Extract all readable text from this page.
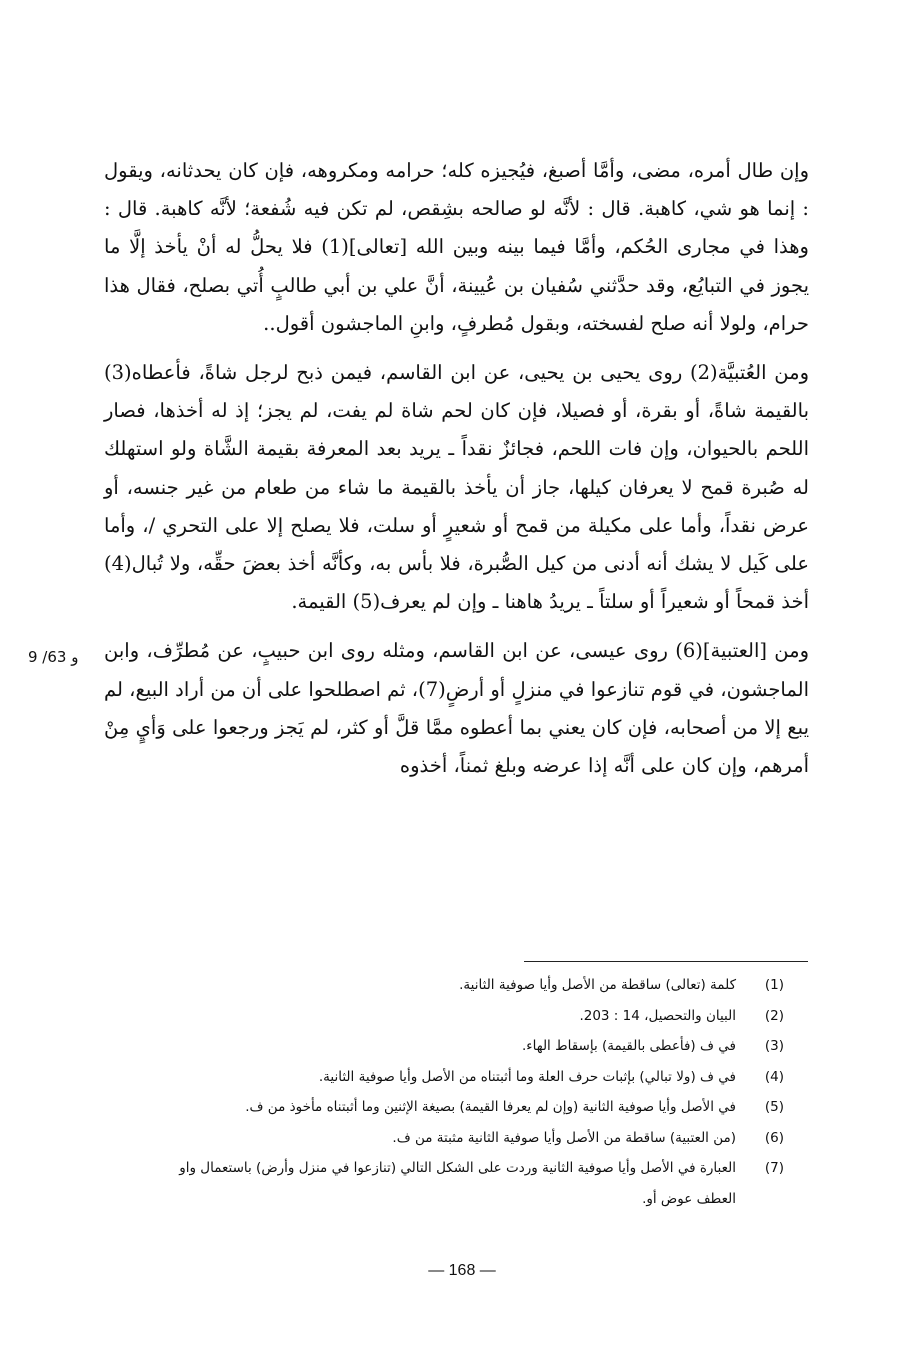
وإن طال أمره، مضى، وأمَّا أصبغ، فيُجيزه كله؛ حرامه ومكروهه، فإن كان يحدثانه، ويقول : إنما هو شي، كاهبة. قال : لأنَّه لو صالحه بشِقص، لم تكن فيه شُفعة؛ لأنَّه كاهبة. قال : وهذا في مجارى الحُكم، وأمَّا فيما بينه وبين الله [تعالى](1) فلا يحلُّ له أنْ يأخذ إلَّا ما يجوز في التبايُع، وقد حدَّثني سُفيان بن عُيينة، أنَّ علي بن أبي طالبٍ أُتي بصلح، فقال هذا حرام، ولولا أنه صلح لفسخته، وبقول مُطرفٍ، وابنِ الماجشون أقول..

ومن العُتبيَّة(2) روى يحيى بن يحيى، عن ابن القاسم، فيمن ذبح لرجل شاةً، فأعطاه(3) بالقيمة شاةً، أو بقرة، أو فصيلا، فإن كان لحم شاة لم يفت، لم يجز؛ إذ له أخذها، فصار اللحم بالحيوان، وإن فات اللحم، فجائزٌ نقداً ـ يريد بعد المعرفة بقيمة الشَّاة ولو استهلك له صُبرة قمح لا يعرفان كيلها، جاز أن يأخذ بالقيمة ما شاء من طعام من غير جنسه، أو عرض نقداً، وأما على مكيلة من قمح أو شعيرٍ أو سلت، فلا يصلح إلا على التحري /، وأما على كَيل لا يشك أنه أدنى من كيل الصُّبرة، فلا بأس به، وكأنَّه أخذ بعضَ حقِّه، ولا تُبال(4) أخذ قمحاً أو شعيراً أو سلتاً ـ يريدُ هاهنا ـ وإن لم يعرف(5) القيمة.

ومن [العتبية](6) روى عيسى، عن ابن القاسم، ومثله روى ابن حبيبٍ، عن مُطرِّف، وابن الماجشون، في قوم تنازعوا في منزلٍ أو أرضٍ(7)، ثم اصطلحوا على أن من أراد البيع، لم يبع إلا من أصحابه، فإن كان يعني بما أعطوه ممَّا قلَّ أو كثر، لم يَجز ورجعوا على وَأيٍ مِنْ أمرهم، وإن كان على أنَّه إذا عرضه وبلغ ثمناً، أخذوه

9 /63 و
(1)
كلمة (تعالى) ساقطة من الأصل وأيا صوفية الثانية.
(2)
البيان والتحصيل، 14 : 203.
(3)
في ف (فأعطى بالقيمة) بإسقاط الهاء.
(4)
في ف (ولا تبالي) بإثبات حرف العلة وما أثبتناه من الأصل وأيا صوفية الثانية.
(5)
في الأصل وأيا صوفية الثانية (وإن لم يعرفا القيمة) بصيغة الإثنين وما أثبتناه مأخوذ من ف.
(6)
(من العتبية) ساقطة من الأصل وأيا صوفية الثانية مثبتة من ف.
(7)
العبارة في الأصل وأيا صوفية الثانية وردت على الشكل التالي (تنازعوا في منزل وأرض) باستعمال واو
العطف عوض أو.
— 168 —
